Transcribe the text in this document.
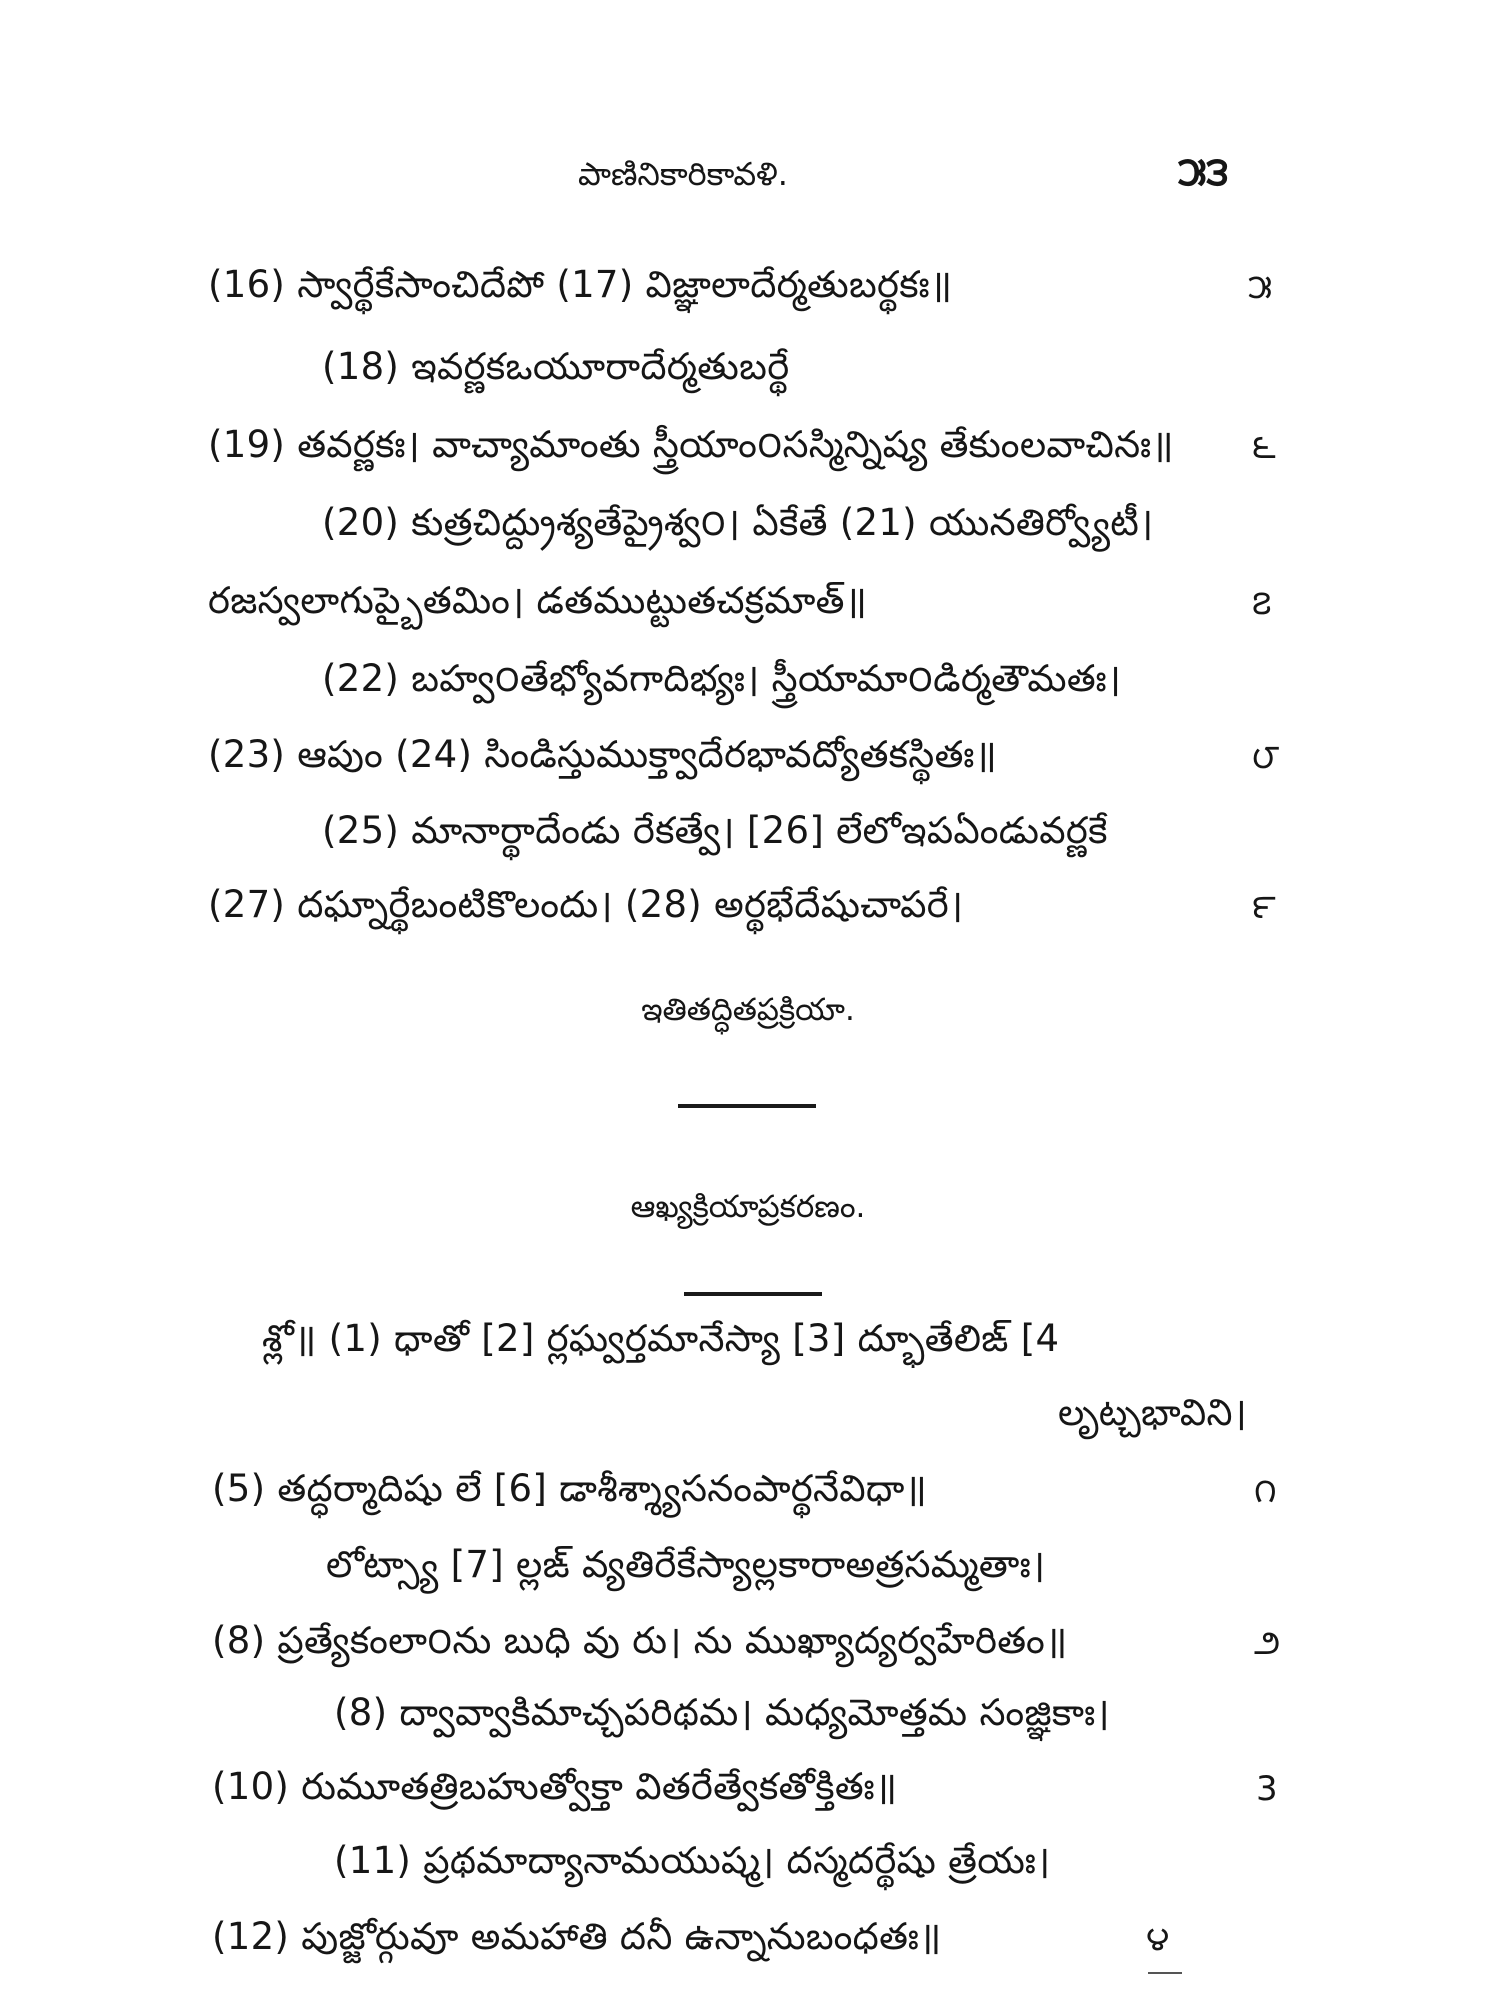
పాణినికారికావళి.	౫౩
(16) స్వార్థేకేసాంచిదేపో (17) విజ్ఞాలాదేర్మతుబర్థకః॥	౫
(18) ఇవర్ణకఒయూరాదేర్మతుబర్థే
(19) తవర్ణకః। వాచ్యామాంతు స్త్రీయాం౦సస్మిన్నిష్య తేకుంలవాచినః॥ ౬
(20) కుత్రచిద్ద్రుశ్యతేప్రైశ్వ౦। ఏకేతే (21) యునతిర్వ్యోటీ।
రజస్వలాగుప్బైతమిం। డతముట్టుతచక్రమాత్॥	౭
(22) బహ్వ౦తేభ్యోవగాదిభ్యః। స్త్రీయామా౦డిర్మతౌమతః।
(23) ఆపుం (24) సిండిస్తుముక్త్వాదేరభావద్యోతకస్థితః॥	౮
(25) మానార్థాదేండు రేకత్వే। [26] లేలోఇపఏండువర్ణకే
(27) దఘ్నార్థేబంటికొలందు। (28) అర్థభేదేషుచాపరే।	౯
ఇతితద్ధితప్రక్రియా.
ఆఖ్యక్రియాప్రకరణం.
శ్లో॥ (1) ధాతో [2] ర్లఘ్వర్తమానేస్యా [3] ద్భూతేలిఙ్ [4
లృట్చభావిని।
(5) తద్ధర్మాదిషు లే [6] డాశీశ్శ్యాసనంపార్థనేవిధా॥	౧
లోట్స్యా [7] ల్లఙ్ వ్యతిరేకేస్యాల్లకారాఅత్రసమ్మతాః।
(8) ప్రత్యేకంలా౦ను బుధి వు రు। ను ముఖ్యాద్యర్వహేరితం॥	౨
(8) ద్వావ్వాకిమాచ్చపరిథమ। మధ్యమోత్తమ సంజ్ఞికాః।
(10) రుమూతత్రిబహుత్వోక్తా వితరేత్వేకతోక్తితః॥	3
(11) ప్రథమాద్యానామయుష్మ। దస్మదర్థేషు త్రేయః।
(12) పుజ్జోర్గువూ అమహాతి దనీ ఉన్నానుబంధతః॥	౪
